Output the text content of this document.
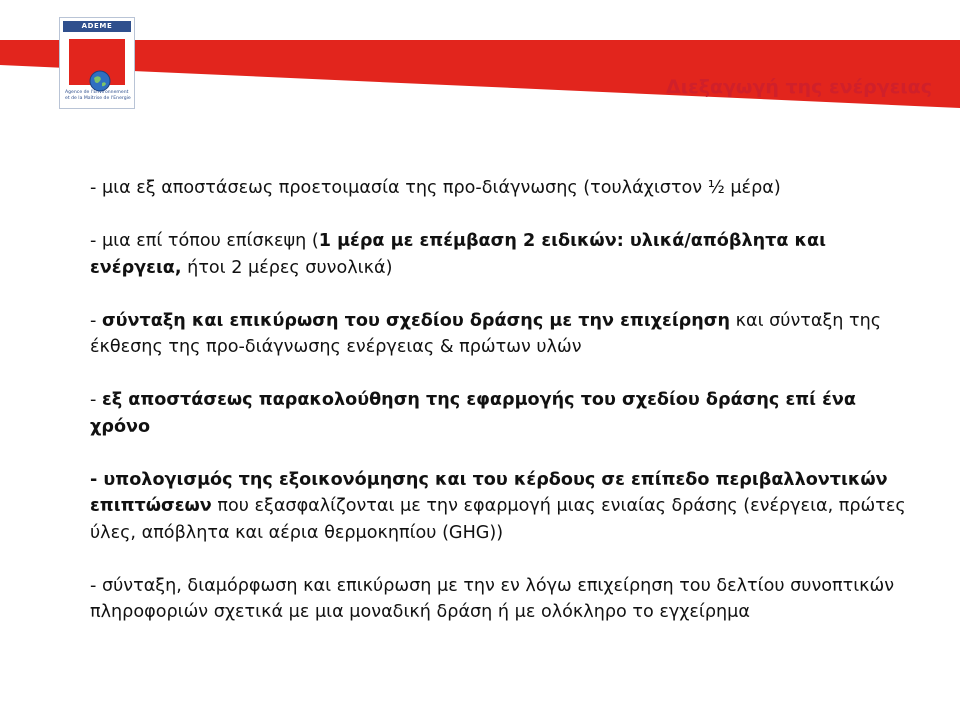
ADEME
Agence de l'Environnement
et de la Maîtrise de l'Energie
Διεξαγωγή της ενέργειας

- μια εξ αποστάσεως προετοιμασία της προ-διάγνωσης (τουλάχιστον ½ μέρα)

- μια επί τόπου επίσκεψη (1 μέρα με επέμβαση 2 ειδικών: υλικά/απόβλητα και ενέργεια, ήτοι 2 μέρες συνολικά)

- σύνταξη και επικύρωση του σχεδίου δράσης με την επιχείρηση και σύνταξη της έκθεσης της προ-διάγνωσης ενέργειας & πρώτων υλών

- εξ αποστάσεως παρακολούθηση της εφαρμογής του σχεδίου δράσης επί ένα χρόνο

- υπολογισμός της εξοικονόμησης και του κέρδους σε επίπεδο περιβαλλοντικών επιπτώσεων που εξασφαλίζονται με την εφαρμογή μιας ενιαίας δράσης (ενέργεια, πρώτες ύλες, απόβλητα και αέρια θερμοκηπίου (GHG))

- σύνταξη, διαμόρφωση και επικύρωση με την εν λόγω επιχείρηση του δελτίου συνοπτικών πληροφοριών σχετικά με μια μοναδική δράση ή με ολόκληρο το εγχείρημα
